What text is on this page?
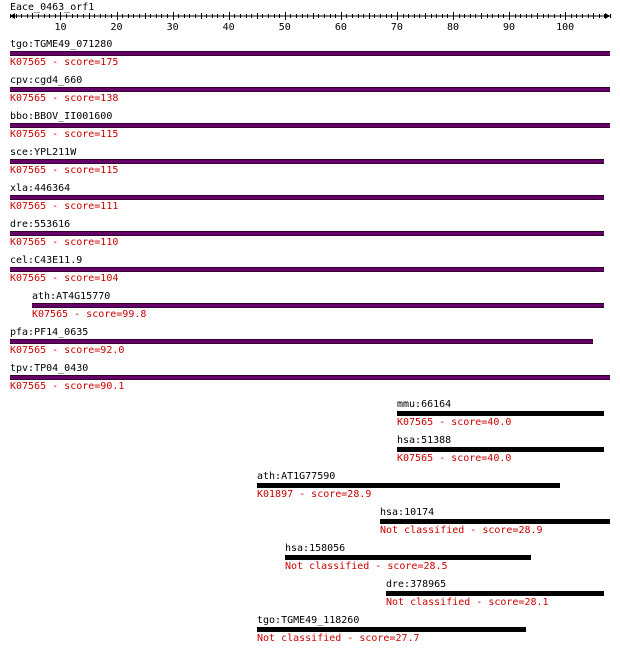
Eace_0463_orf1
10	20	30	40	50	60	70	80	90	100
tgo:TGME49_071280
K07565 - score=175
cpv:cgd4_660
K07565 - score=138
bbo:BBOV_II001600
K07565 - score=115
sce:YPL211W
K07565 - score=115
xla:446364
K07565 - score=111
dre:553616
K07565 - score=110
cel:C43E11.9
K07565 - score=104
ath:AT4G15770
K07565 - score=99.8
pfa:PF14_0635
K07565 - score=92.0
tpv:TP04_0430
K07565 - score=90.1
mmu:66164
K07565 - score=40.0
hsa:51388
K07565 - score=40.0
ath:AT1G77590
K01897 - score=28.9
hsa:10174
Not classified - score=28.9
hsa:158056
Not classified - score=28.5
dre:378965
Not classified - score=28.1
tgo:TGME49_118260
Not classified - score=27.7
